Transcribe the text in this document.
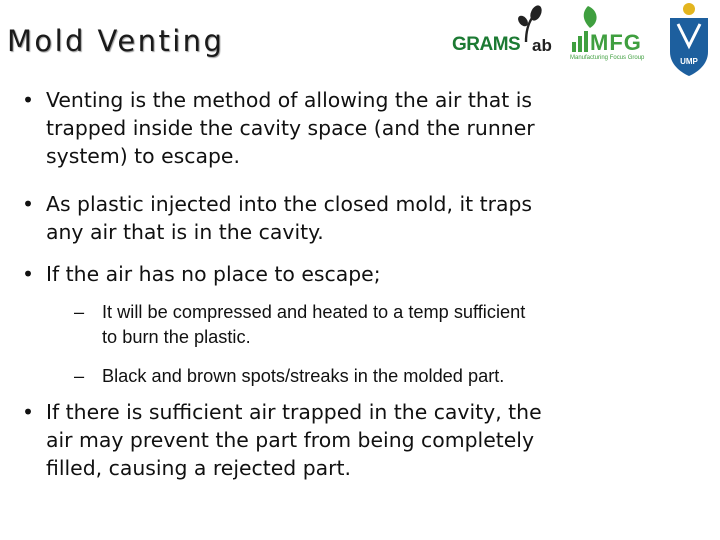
Mold Venting	GRAMS ab MFG
Manufacturing Focus Group	UMP
• Venting is the method of allowing the air that is
trapped inside the cavity space (and the runner
system) to escape.
• As plastic injected into the closed mold, it traps
any air that is in the cavity.
• If the air has no place to escape;
– It will be compressed and heated to a temp sufficient
to burn the plastic.
– Black and brown spots/streaks in the molded part.
• If there is sufficient air trapped in the cavity, the
air may prevent the part from being completely
filled, causing a rejected part.
